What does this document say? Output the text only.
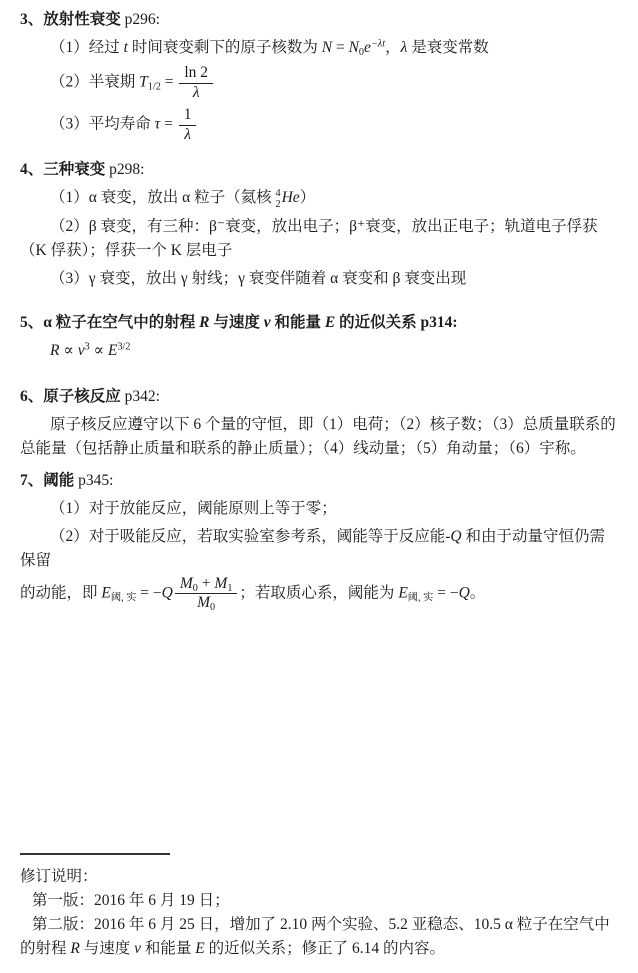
3、放射性衰变 p296:

（1）经过 t 时间衰变剩下的原子核数为 $N = N_0e^{-\lambda t}$，λ 是衰变常数

（2）半衰期 $T_{1/2} = \frac{\ln 2}{\lambda}$

（3）平均寿命 $\tau = \frac{1}{\lambda}$

4、三种衰变 p298:

（1）α 衰变，放出 α 粒子（氦核 4
2 He）

（2）β 衰变，有三种：β⁻衰变，放出电子；β⁺衰变，放出正电子；轨道电子俘获（K 俘获）；俘获一个 K 层电子

（3）γ 衰变，放出 γ 射线；γ 衰变伴随着 α 衰变和 β 衰变出现

5、α 粒子在空气中的射程 R 与速度 v 和能量 E 的近似关系 p314:

$R \propto v^3 \propto E^{3/2}$

6、原子核反应 p342:

原子核反应遵守以下 6 个量的守恒，即（1）电荷；（2）核子数；（3）总质量联系的总能量（包括静止质量和联系的静止质量）；（4）线动量；（5）角动量；（6）宇称。

7、阈能 p345:

（1）对于放能反应，阈能原则上等于零；

（2）对于吸能反应，若取实验室参考系，阈能等于反应能-Q 和由于动量守恒仍需保留

的动能，即 $E_{阈, 实} = -Q \frac{M_0 + M_1}{M_0}$ ；若取质心系，阈能为 $E_{阈, 实} = -Q$。

修订说明：

第一版：2016 年 6 月 19 日；

第二版：2016 年 6 月 25 日，增加了 2.10 两个实验、5.2 亚稳态、10.5 α 粒子在空气中的射程 R 与速度 v 和能量 E 的近似关系；修正了 6.14 的内容。
